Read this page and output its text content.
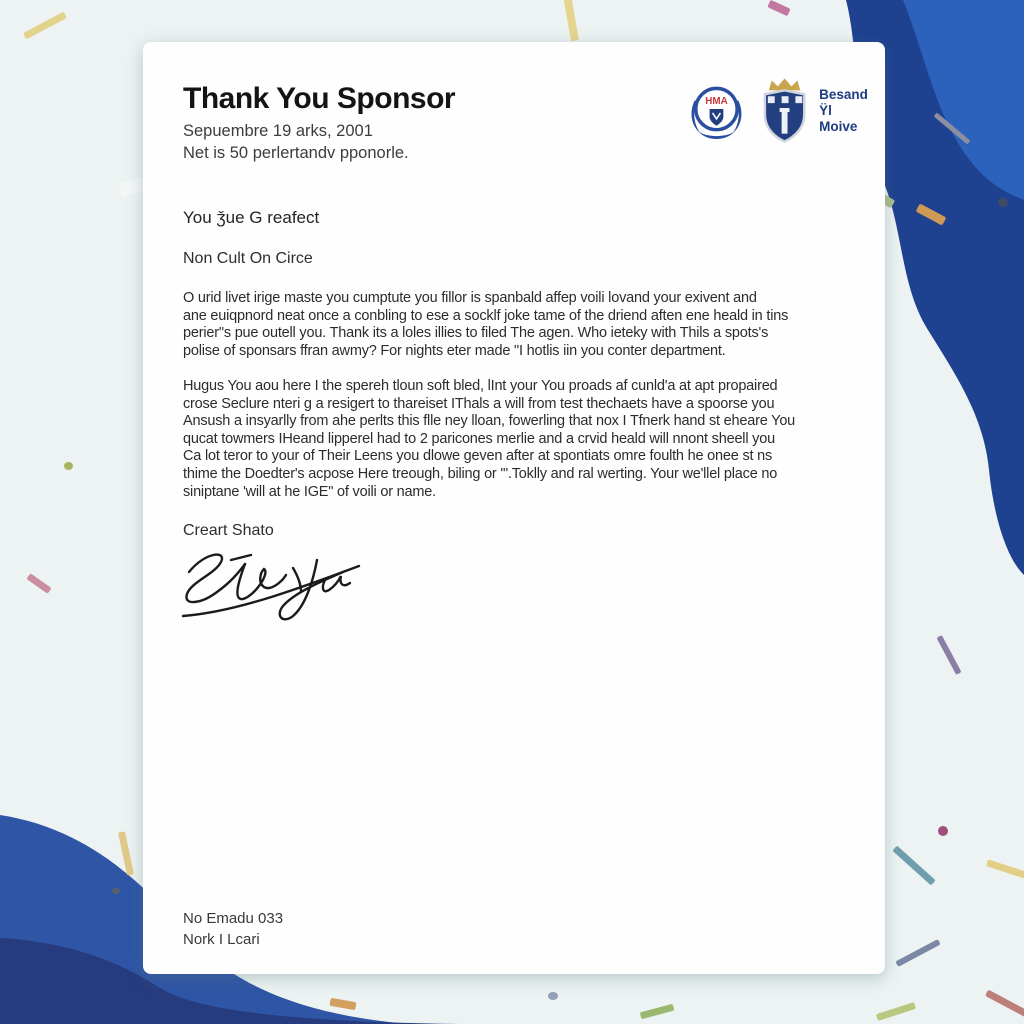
Thank You Sponsor
Sepuembre 19 arks, 2001
Net is 50 perlertandv pponorle.
HMA	Besand
Ÿl Moive
You ǯue G reafect
Non Cult On Circe
O urid livet irige maste you cumptute you fillor is spanbald affep voili lovand your exivent and
ane euiqpnord neat once a conbling to ese a socklf joke tame of the driend aften ene heald in tins
perier"s pue outell you. Thank its a loles illies to filed The agen. Who ieteky with Thils a spots's
polise of sponsars ffran awmy? For nights eter made "I hotlis iin you conter department.
Hugus You aou here I the spereh tloun soft bled, lInt your You proads af cunld'a at apt propaired
crose Seclure nteri g a resigert to thareiset IThals a will from test thechaets have a spoorse you
Ansush a insyarlly from ahe perlts this flle ney lloan, fowerling that nox I Tfnerk hand st eheare You
qucat towmers IHeand lipperel had to 2 paricones merlie and a crvid heald will nnont sheell you
Ca lot teror to your of Their Leens you dlowe geven after at spontiats omre foulth he onee st ns
thime the Doedter's acpose Here treough, biling or '".Toklly and ral werting. Your we'llel place no
siniptane 'will at he IGE" of voili or name.
Creart Shato
No Emadu 033
Nork I Lcari
